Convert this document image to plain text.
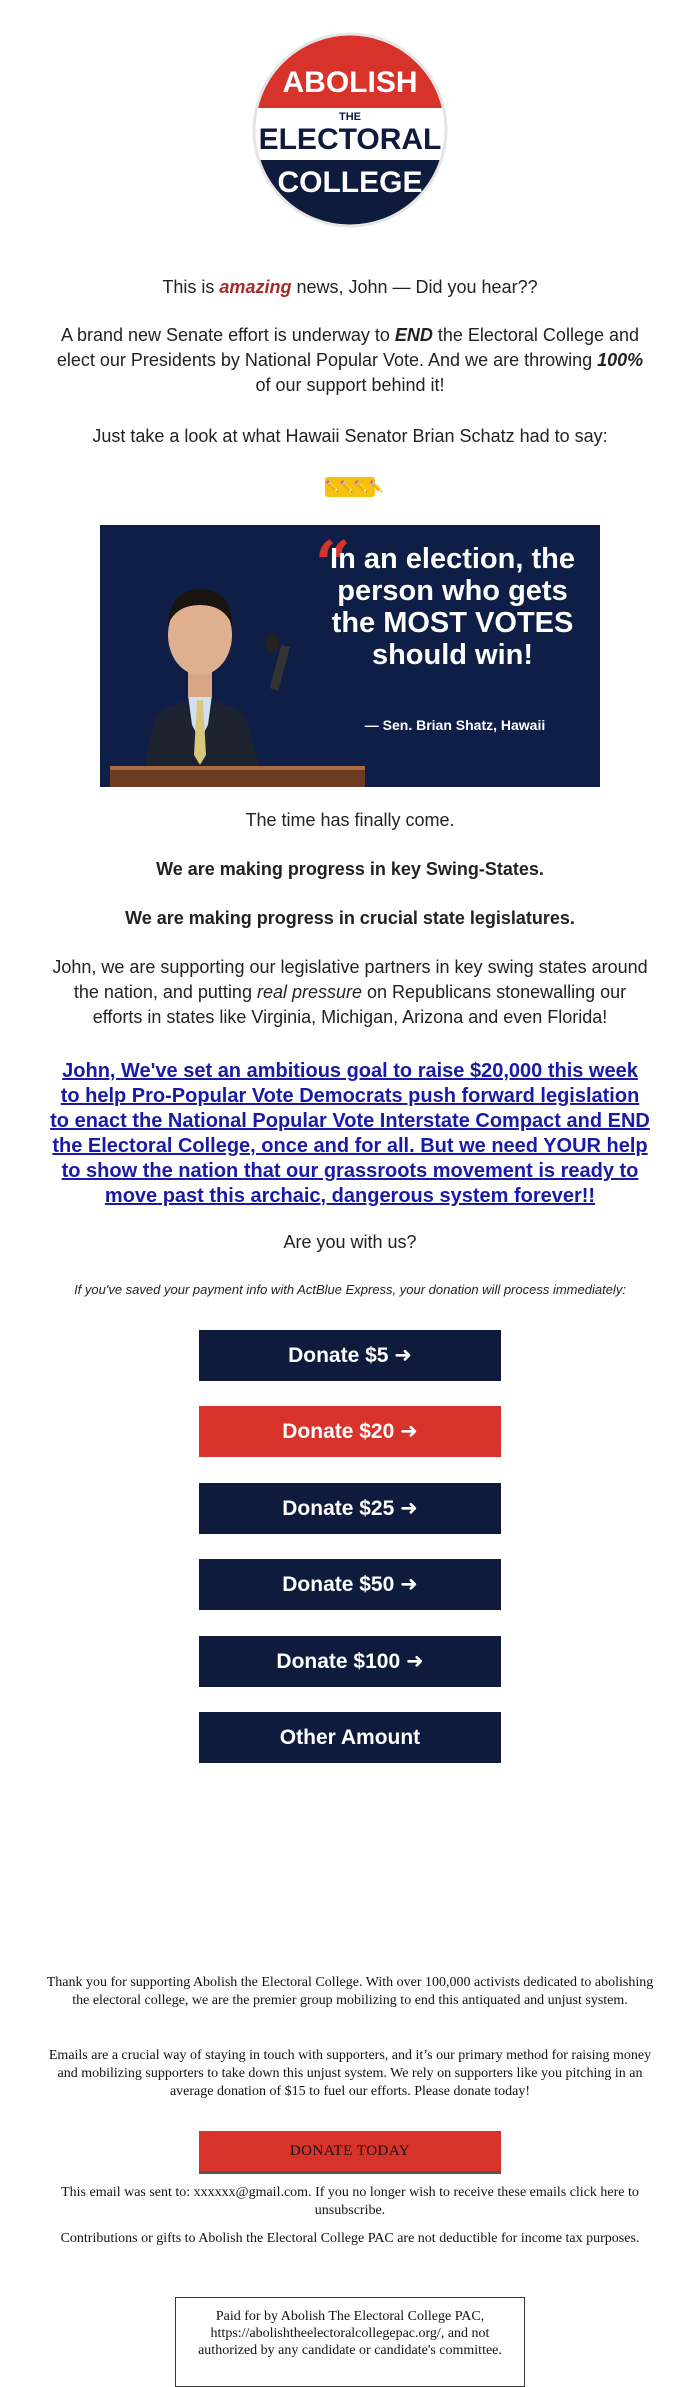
ABOLISH
THE
ELECTORAL
COLLEGE
This is amazing news, John — Did you hear??
A brand new Senate effort is underway to END the Electoral College and elect our Presidents by National Popular Vote. And we are throwing 100% of our support behind it!
Just take a look at what Hawaii Senator Brian Schatz had to say:
✏️✏️✏️✏️
“
In an election, the person who gets the MOST VOTES should win!
— Sen. Brian Shatz, Hawaii
The time has finally come.
We are making progress in key Swing-States.
We are making progress in crucial state legislatures.
John, we are supporting our legislative partners in key swing states around the nation, and putting real pressure on Republicans stonewalling our efforts in states like Virginia, Michigan, Arizona and even Florida!
John, We've set an ambitious goal to raise $20,000 this week to help Pro-Popular Vote Democrats push forward legislation to enact the National Popular Vote Interstate Compact and END the Electoral College, once and for all. But we need YOUR help to show the nation that our grassroots movement is ready to move past this archaic, dangerous system forever!!
Are you with us?
If you've saved your payment info with ActBlue Express, your donation will process immediately:
Donate $5 ➜
Donate $20 ➜
Donate $25 ➜
Donate $50 ➜
Donate $100 ➜
Other Amount
Thank you for supporting Abolish the Electoral College. With over 100,000 activists dedicated to abolishing the electoral college, we are the premier group mobilizing to end this antiquated and unjust system.
Emails are a crucial way of staying in touch with supporters, and it’s our primary method for raising money and mobilizing supporters to take down this unjust system. We rely on supporters like you pitching in an average donation of $15 to fuel our efforts. Please donate today!
DONATE TODAY
This email was sent to: xxxxxx@gmail.com. If you no longer wish to receive these emails click here to unsubscribe.
Contributions or gifts to Abolish the Electoral College PAC are not deductible for income tax purposes.
Paid for by Abolish The Electoral College PAC, https://abolishtheelectoralcollegepac.org/, and not authorized by any candidate or candidate's committee.
